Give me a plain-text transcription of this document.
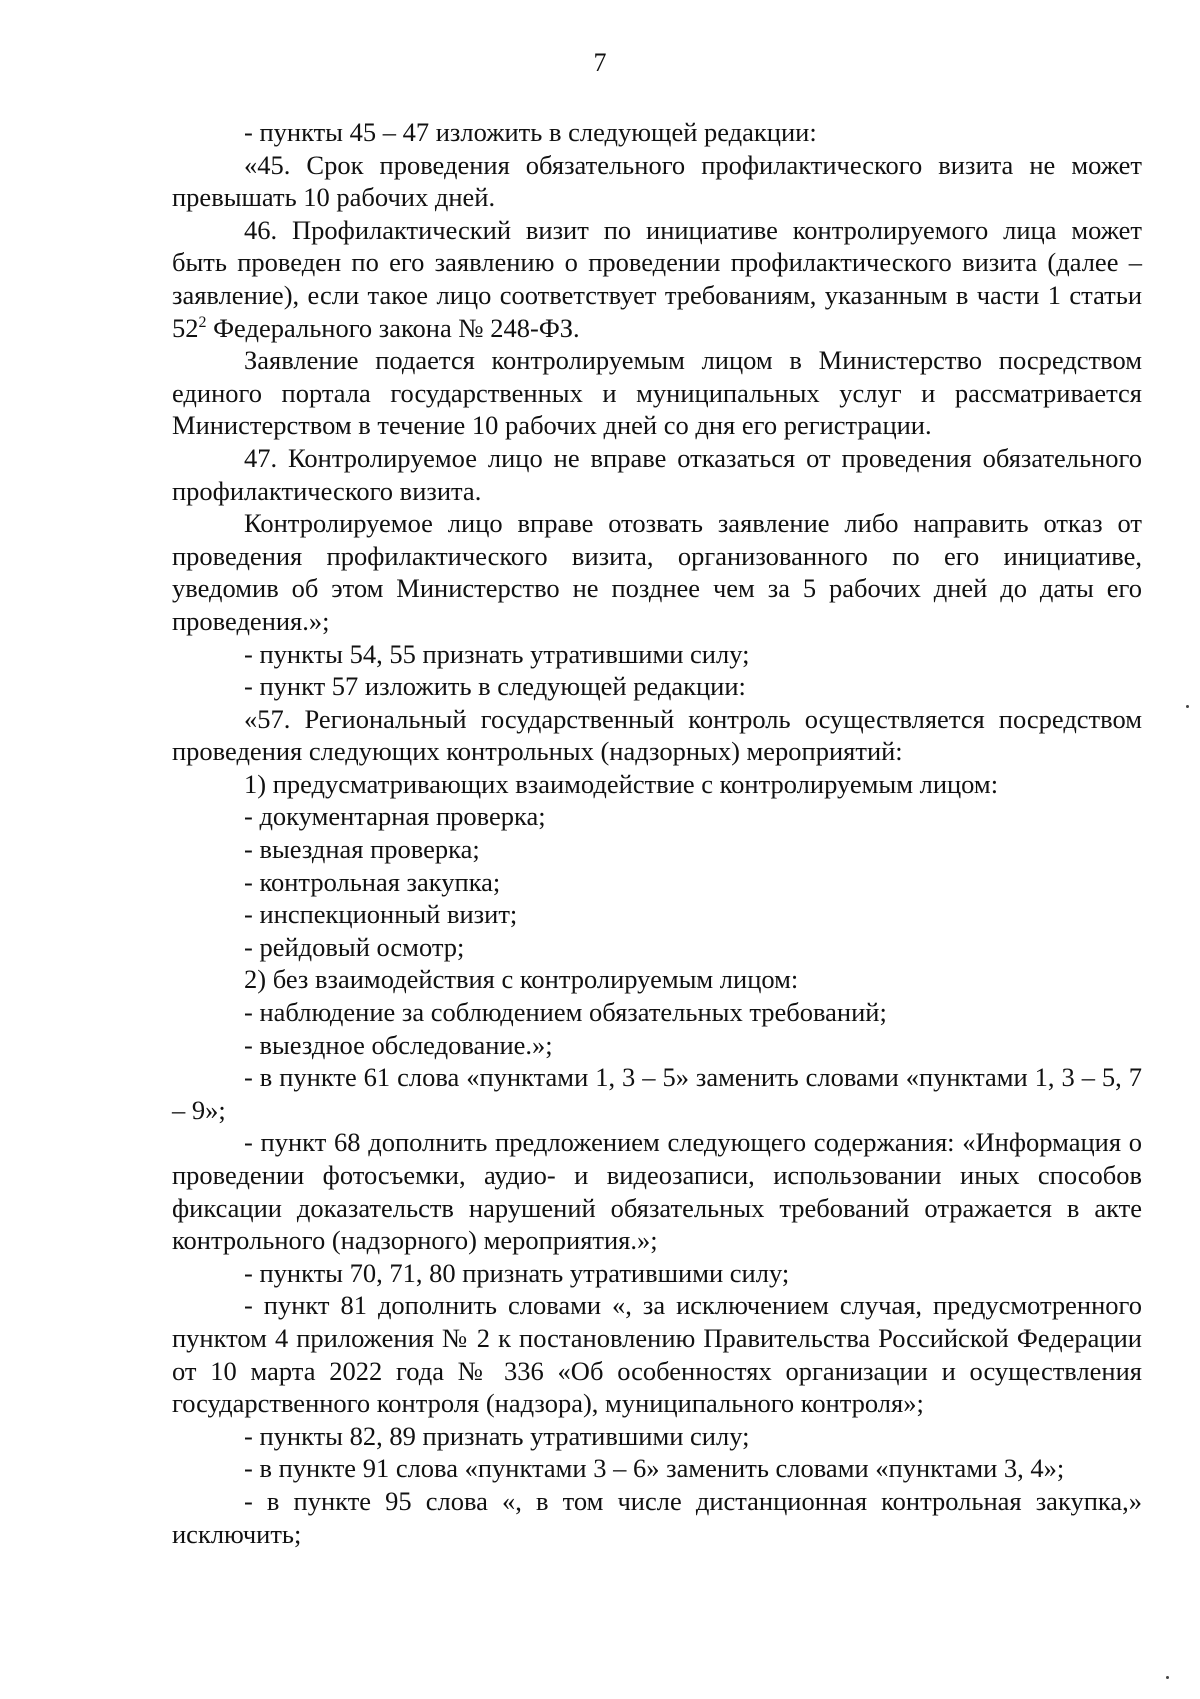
7

- пункты 45 – 47 изложить в следующей редакции:

«45. Срок проведения обязательного профилактического визита не может превышать 10 рабочих дней.

46. Профилактический визит по инициативе контролируемого лица может быть проведен по его заявлению о проведении профилактического визита (далее – заявление), если такое лицо соответствует требованиям, указанным в части 1 статьи $52^2$ Федерального закона № 248-ФЗ.

Заявление подается контролируемым лицом в Министерство посредством единого портала государственных и муниципальных услуг и рассматривается Министерством в течение 10 рабочих дней со дня его регистрации.

47. Контролируемое лицо не вправе отказаться от проведения обязательного профилактического визита.

Контролируемое лицо вправе отозвать заявление либо направить отказ от проведения профилактического визита, организованного по его инициативе, уведомив об этом Министерство не позднее чем за 5 рабочих дней до даты его проведения.»;

- пункты 54, 55 признать утратившими силу;

- пункт 57 изложить в следующей редакции:

«57. Региональный государственный контроль осуществляется посредством проведения следующих контрольных (надзорных) мероприятий:

1) предусматривающих взаимодействие с контролируемым лицом:

- документарная проверка;

- выездная проверка;

- контрольная закупка;

- инспекционный визит;

- рейдовый осмотр;

2) без взаимодействия с контролируемым лицом:

- наблюдение за соблюдением обязательных требований;

- выездное обследование.»;

- в пункте 61 слова «пунктами 1, 3 – 5» заменить словами «пунктами 1, 3 – 5, 7 – 9»;

- пункт 68 дополнить предложением следующего содержания: «Информация о проведении фотосъемки, аудио- и видеозаписи, использовании иных способов фиксации доказательств нарушений обязательных требований отражается в акте контрольного (надзорного) мероприятия.»;

- пункты 70, 71, 80 признать утратившими силу;

- пункт 81 дополнить словами «, за исключением случая, предусмотренного пунктом 4 приложения № 2 к постановлению Правительства Российской Федерации от 10 марта 2022 года № 336 «Об особенностях организации и осуществления государственного контроля (надзора), муниципального контроля»;

- пункты 82, 89 признать утратившими силу;

- в пункте 91 слова «пунктами 3 – 6» заменить словами «пунктами 3, 4»;

- в пункте 95 слова «, в том числе дистанционная контрольная закупка,» исключить;
